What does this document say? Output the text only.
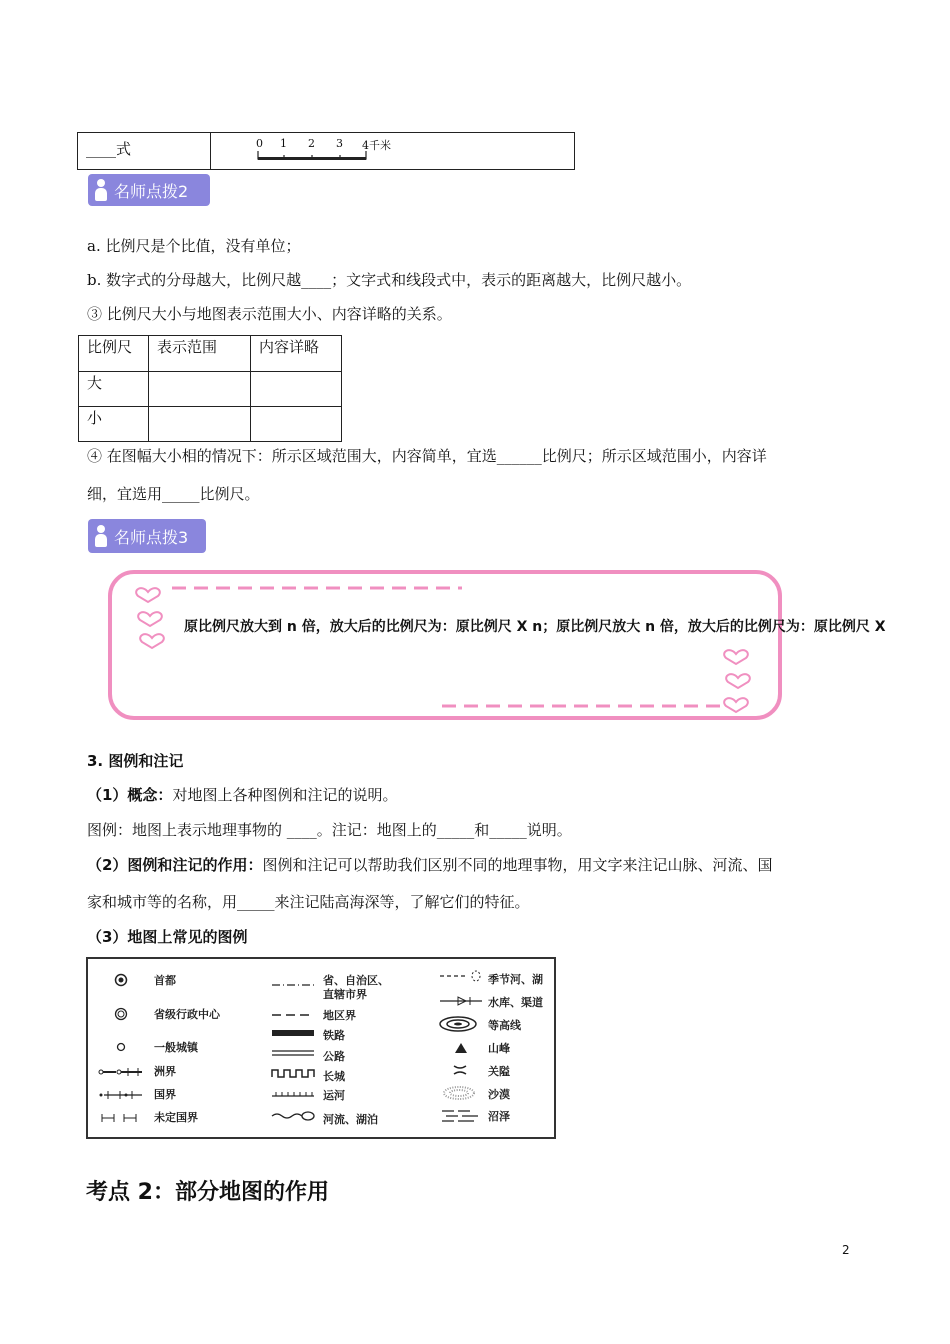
____式	0 1 2 3 4千米
名师点拨2
a. 比例尺是个比值，没有单位；
b. 数字式的分母越大，比例尺越____；文字式和线段式中，表示的距离越大，比例尺越小。
③ 比例尺大小与地图表示范围大小、内容详略的关系。
比例尺	表示范围	内容详略
大		
小		
④ 在图幅大小相的情况下：所示区域范围大，内容简单，宜选______比例尺；所示区域范围小，内容详
细，宜选用_____比例尺。
名师点拨3
原比例尺放大到 n 倍，放大后的比例尺为：原比例尺 X n；原比例尺放大 n 倍，放大后的比例尺为：原比例尺 X
3. 图例和注记
（1）概念：对地图上各种图例和注记的说明。
图例：地图上表示地理事物的 ____。注记：地图上的_____和_____说明。
（2）图例和注记的作用：图例和注记可以帮助我们区别不同的地理事物，用文字来注记山脉、河流、国
家和城市等的名称，用_____来注记陆高海深等，了解它们的特征。
（3）地图上常见的图例
首都
省级行政中心
一般城镇
洲界
国界
未定国界
省、自治区、
直辖市界
地区界
铁路
公路
长城
运河
河流、湖泊
季节河、湖
水库、渠道
等高线
山峰
关隘
沙漠
沼泽
考点 2：部分地图的作用
2
